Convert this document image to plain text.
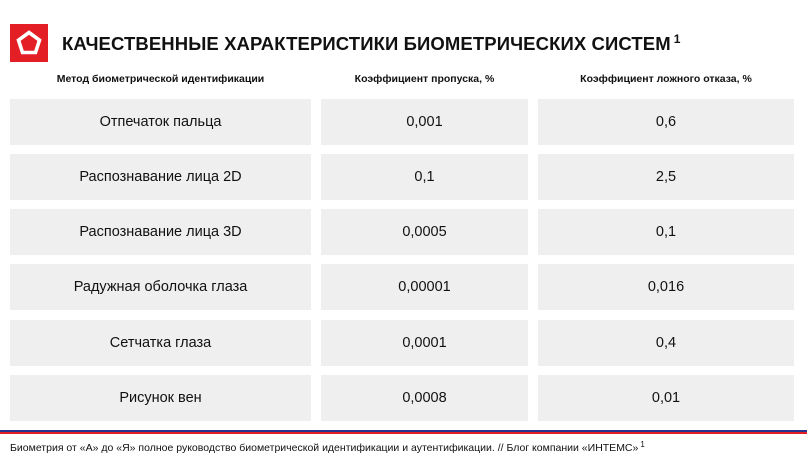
КАЧЕСТВЕННЫЕ ХАРАКТЕРИСТИКИ БИОМЕТРИЧЕСКИХ СИСТЕМ $^1$
Метод биометрической идентификации	Коэффициент пропуска, %	Коэффициент ложного отказа, %
Отпечаток пальца	0,001	0,6
Распознавание лица 2D	0,1	2,5
Распознавание лица 3D	0,0005	0,1
Радужная оболочка глаза	0,00001	0,016
Сетчатка глаза	0,0001	0,4
Рисунок вен	0,0008	0,01
Биометрия от «А» до «Я» полное руководство биометрической идентификации и аутентификации. // Блог компании «ИНТЕМС» $^1$
